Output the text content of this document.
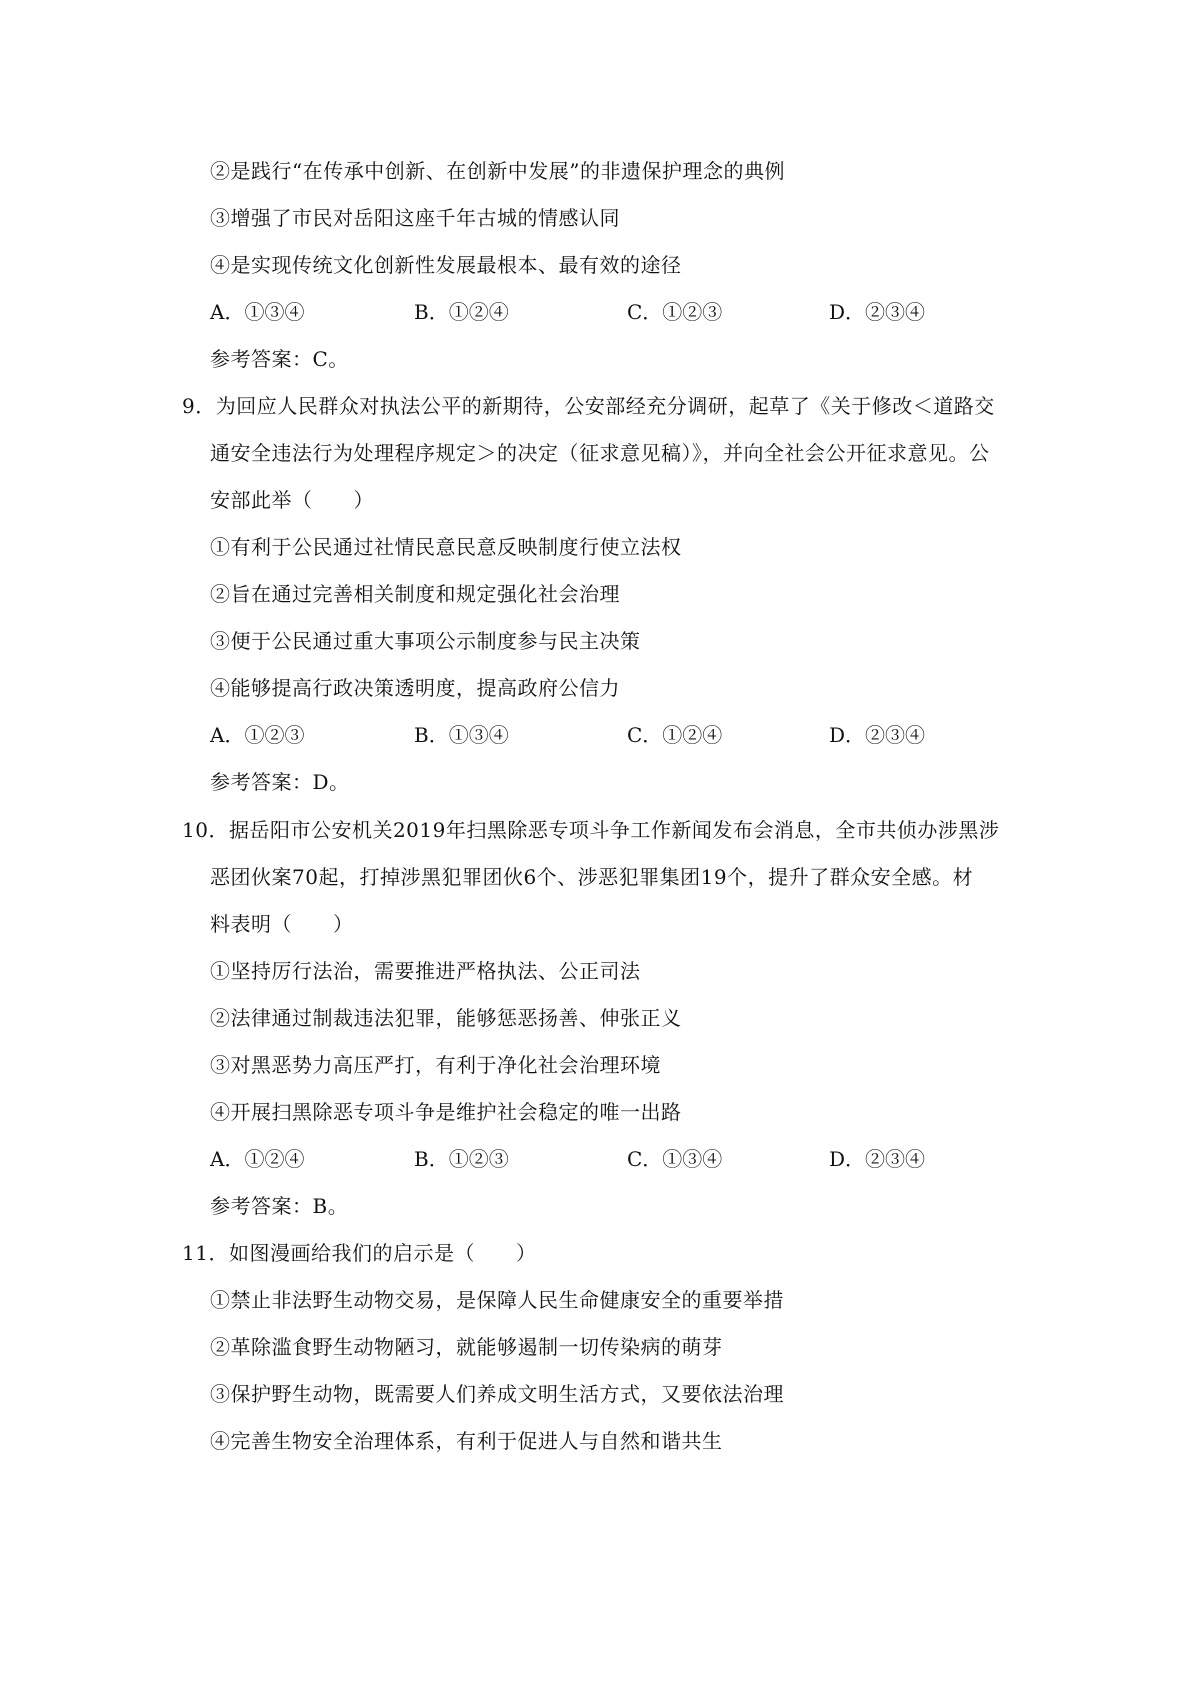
②是践行“在传承中创新、在创新中发展”的非遗保护理念的典例
③增强了市民对岳阳这座千年古城的情感认同
④是实现传统文化创新性发展最根本、最有效的途径
A．①③④	B．①②④	C．①②③	D．②③④
参考答案：C。
9．为回应人民群众对执法公平的新期待，公安部经充分调研，起草了《关于修改＜道路交
通安全违法行为处理程序规定＞的决定（征求意见稿）》，并向全社会公开征求意见。公
安部此举（　　）
①有利于公民通过社情民意民意反映制度行使立法权
②旨在通过完善相关制度和规定强化社会治理
③便于公民通过重大事项公示制度参与民主决策
④能够提高行政决策透明度，提高政府公信力
A．①②③	B．①③④	C．①②④	D．②③④
参考答案：D。
10．据岳阳市公安机关2019年扫黑除恶专项斗争工作新闻发布会消息，全市共侦办涉黑涉
恶团伙案70起，打掉涉黑犯罪团伙6个、涉恶犯罪集团19个，提升了群众安全感。材
料表明（　　）
①坚持厉行法治，需要推进严格执法、公正司法
②法律通过制裁违法犯罪，能够惩恶扬善、伸张正义
③对黑恶势力高压严打，有利于净化社会治理环境
④开展扫黑除恶专项斗争是维护社会稳定的唯一出路
A．①②④	B．①②③	C．①③④	D．②③④
参考答案：B。
11．如图漫画给我们的启示是（　　）
①禁止非法野生动物交易，是保障人民生命健康安全的重要举措
②革除滥食野生动物陋习，就能够遏制一切传染病的萌芽
③保护野生动物，既需要人们养成文明生活方式，又要依法治理
④完善生物安全治理体系，有利于促进人与自然和谐共生
